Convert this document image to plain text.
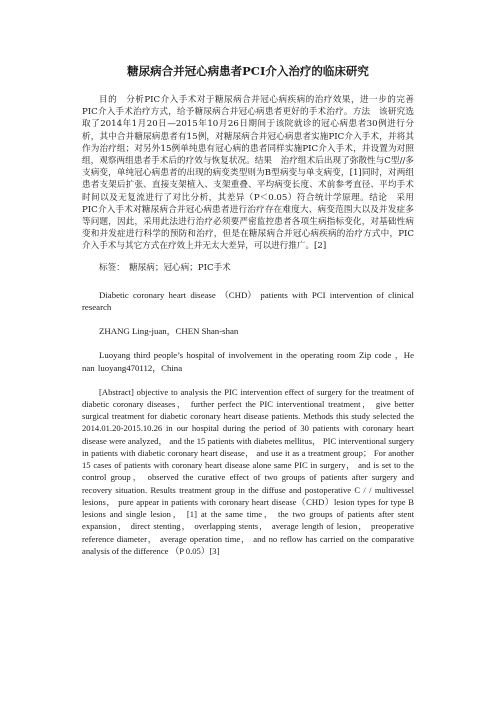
糖尿病合并冠心病患者PCI介入治疗的临床研究

目的　分析PIC介入手术对于糖尿病合并冠心病疾病的治疗效果，进一步的完善PIC介入手术治疗方式，给予糖尿病合并冠心病患者更好的手术治疗。方法　该研究选取了2014年1月20日—2015年10月26日期间于该院就诊的冠心病患者30例进行分析，其中合并糖尿病患者有15例，对糖尿病合并冠心病患者实施PIC介入手术，并将其作为治疗组；对另外15例单纯患有冠心病的患者同样实施PIC介入手术，并设置为对照组，观察两组患者手术后的疗效与恢复状况。结果　治疗组术后出现了弥散性与C型//多支病变，单纯冠心病患者的出现的病变类型则为B型病变与单支病变，[1]同时，对两组患者支架后扩张、直接支架植入、支架重叠、平均病变长度、术前参考直径、平均手术时间以及无复流进行了对比分析，其差异（P＜0.05）符合统计学原理。结论　采用PIC介入手术对糖尿病合并冠心病患者进行治疗存在难度大、病变范围大以及并发症多等问题，因此，采用此法进行治疗必须要严密监控患者各项生病指标变化，对基础性病变和并发症进行科学的预防和治疗，但是在糖尿病合并冠心病疾病的治疗方式中，PIC介入手术与其它方式在疗效上并无太大差异，可以进行推广。[2]

标签：　糖尿病；冠心病；PIC手术

Diabetic coronary heart disease （CHD） patients with PCI intervention of clinical research

ZHANG Ling-juan，CHEN Shan-shan

Luoyang third people’s hospital of involvement in the operating room Zip code ，He nan luoyang470112，China

[Abstract] objective to analysis the PIC intervention effect of surgery for the treatment of diabetic coronary diseases， further perfect the PIC interventional treatment， give better surgical treatment for diabetic coronary heart disease patients. Methods this study selected the 2014.01.20-2015.10.26 in our hospital during the period of 30 patients with coronary heart disease were analyzed， and the 15 patients with diabetes mellitus， PIC interventional surgery in patients with diabetic coronary heart disease， and use it as a treatment group； For another 15 cases of patients with coronary heart disease alone same PIC in surgery， and is set to the control group， observed the curative effect of two groups of patients after surgery and recovery situation. Results treatment group in the diffuse and postoperative C / / multivessel lesions， pure appear in patients with coronary heart disease（CHD）lesion types for type B lesions and single lesion， [1] at the same time， the two groups of patients after stent expansion， direct stenting， overlapping stents， average length of lesion， preoperative reference diameter， average operation time， and no reflow has carried on the comparative analysis of the difference （P 0.05）[3]
